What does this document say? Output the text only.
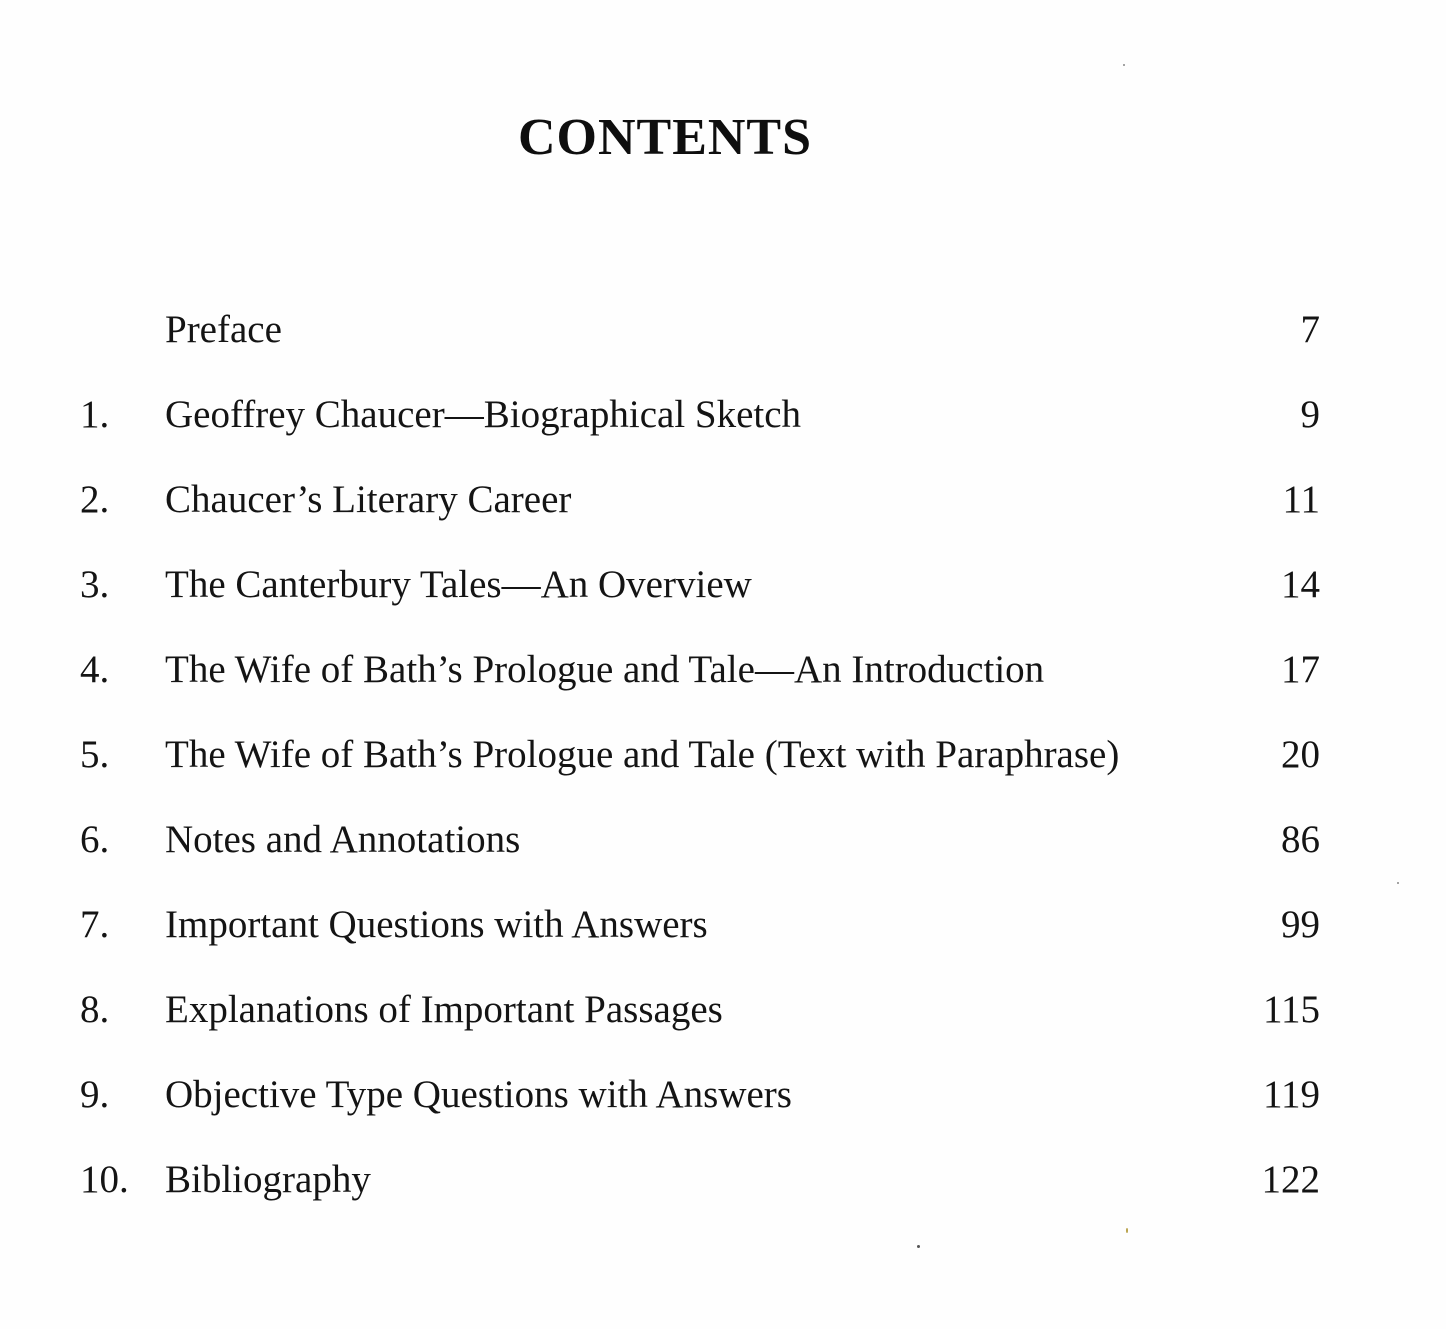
CONTENTS
Preface	7
1. Geoffrey Chaucer—Biographical Sketch	9
2. Chaucer’s Literary Career	11
3. The Canterbury Tales—An Overview	14
4. The Wife of Bath’s Prologue and Tale—An Introduction	17
5. The Wife of Bath’s Prologue and Tale (Text with Paraphrase)	20
6. Notes and Annotations	86
7. Important Questions with Answers	99
8. Explanations of Important Passages	115
9. Objective Type Questions with Answers	119
10. Bibliography	122
